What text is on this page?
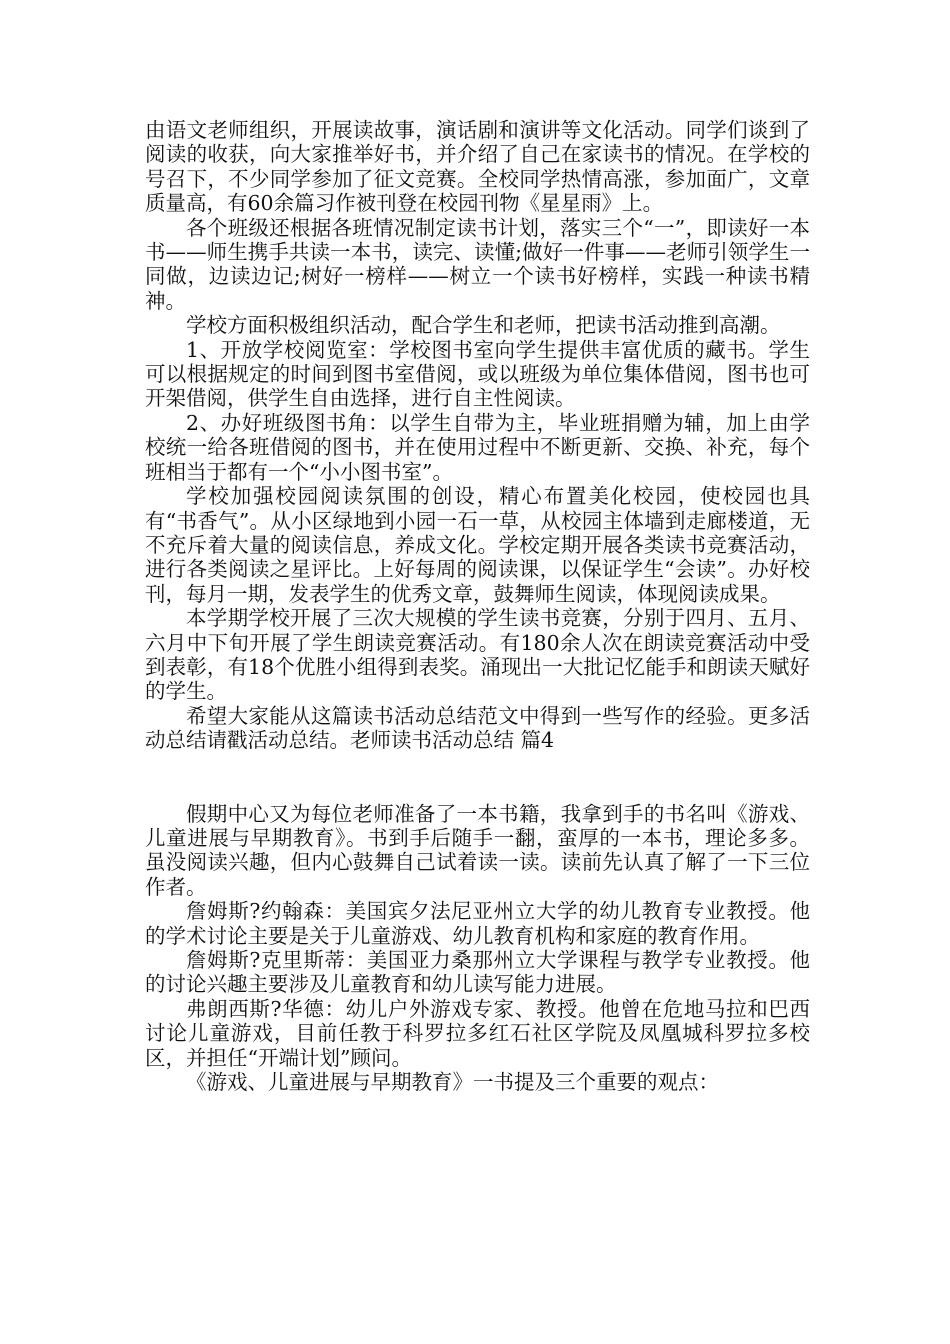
由语文老师组织，开展读故事，演话剧和演讲等文化活动。同学们谈到了阅读的收获，向大家推举好书，并介绍了自己在家读书的情况。在学校的号召下，不少同学参加了征文竞赛。全校同学热情高涨，参加面广，文章质量高，有60余篇习作被刊登在校园刊物《星星雨》上。

各个班级还根据各班情况制定读书计划，落实三个“一”，即读好一本书——师生携手共读一本书，读完、读懂;做好一件事——老师引领学生一同做，边读边记;树好一榜样——树立一个读书好榜样，实践一种读书精神。

学校方面积极组织活动，配合学生和老师，把读书活动推到高潮。

1、开放学校阅览室：学校图书室向学生提供丰富优质的藏书。学生可以根据规定的时间到图书室借阅，或以班级为单位集体借阅，图书也可开架借阅，供学生自由选择，进行自主性阅读。

2、办好班级图书角：以学生自带为主，毕业班捐赠为辅，加上由学校统一给各班借阅的图书，并在使用过程中不断更新、交换、补充，每个班相当于都有一个“小小图书室”。

学校加强校园阅读氛围的创设，精心布置美化校园，使校园也具有“书香气”。从小区绿地到小园一石一草，从校园主体墙到走廊楼道，无不充斥着大量的阅读信息，养成文化。学校定期开展各类读书竞赛活动，进行各类阅读之星评比。上好每周的阅读课，以保证学生“会读”。办好校刊，每月一期，发表学生的优秀文章，鼓舞师生阅读，体现阅读成果。

本学期学校开展了三次大规模的学生读书竞赛，分别于四月、五月、六月中下旬开展了学生朗读竞赛活动。有180余人次在朗读竞赛活动中受到表彰，有18个优胜小组得到表奖。涌现出一大批记忆能手和朗读天赋好的学生。

希望大家能从这篇读书活动总结范文中得到一些写作的经验。更多活动总结请戳活动总结。老师读书活动总结 篇4

假期中心又为每位老师准备了一本书籍，我拿到手的书名叫《游戏、儿童进展与早期教育》。书到手后随手一翻，蛮厚的一本书，理论多多。虽没阅读兴趣，但内心鼓舞自己试着读一读。读前先认真了解了一下三位作者。

詹姆斯?约翰森：美国宾夕法尼亚州立大学的幼儿教育专业教授。他的学术讨论主要是关于儿童游戏、幼儿教育机构和家庭的教育作用。

詹姆斯?克里斯蒂：美国亚力桑那州立大学课程与教学专业教授。他的讨论兴趣主要涉及儿童教育和幼儿读写能力进展。

弗朗西斯?华德：幼儿户外游戏专家、教授。他曾在危地马拉和巴西讨论儿童游戏，目前任教于科罗拉多红石社区学院及凤凰城科罗拉多校区，并担任“开端计划”顾问。

《游戏、儿童进展与早期教育》一书提及三个重要的观点：
